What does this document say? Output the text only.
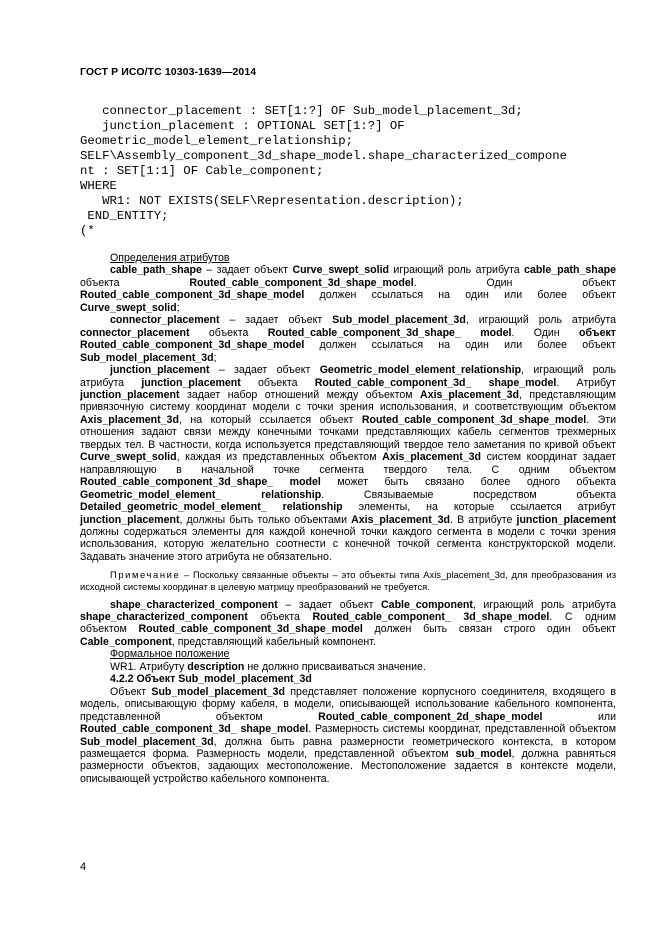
ГОСТ Р ИСО/ТС 10303-1639—2014

connector_placement : SET[1:?] OF Sub_model_placement_3d;
junction_placement : OPTIONAL SET[1:?] OF
Geometric_model_element_relationship;
SELF\Assembly_component_3d_shape_model.shape_characterized_compone
nt : SET[1:1] OF Cable_component;
WHERE
WR1: NOT EXISTS(SELF\Representation.description);
END_ENTITY;
(*

Определения атрибутов

cable_path_shape – задает объект Curve_swept_solid играющий роль атрибута cable_path_shape объекта Routed_cable_component_3d_shape_model. Один объект Routed_cable_component_3d_shape_model должен ссылаться на один или более объект Curve_swept_solid;

connector_placement – задает объект Sub_model_placement_3d, играющий роль атрибута connector_placement объекта Routed_cable_component_3d_shape_ model. Один объект Routed_cable_component_3d_shape_model должен ссылаться на один или более объект Sub_model_placement_3d;

junction_placement – задает объект Geometric_model_element_relationship, играющий роль атрибута junction_placement объекта Routed_cable_component_3d_ shape_model. Атрибут junction_placement задает набор отношений между объектом Axis_placement_3d, представляющим привязочную систему координат модели с точки зрения использования, и соответствующим объектом Axis_placement_3d, на который ссылается объект Routed_cable_component_3d_shape_model. Эти отношения задают связи между конечными точками представляющих кабель сегментов трехмерных твердых тел. В частности, когда используется представляющий твердое тело заметания по кривой объект Curve_swept_solid, каждая из представленных объектом Axis_placement_3d систем координат задает направляющую в начальной точке сегмента твердого тела. С одним объектом Routed_cable_component_3d_shape_ model может быть связано более одного объекта Geometric_model_element_	relationship. Связываемые посредством объекта Detailed_geometric_model_element_ relationship элементы, на которые ссылается атрибут junction_placement, должны быть только объектами Axis_placement_3d. В атрибуте junction_placement должны содержаться элементы для каждой конечной точки каждого сегмента в модели с точки зрения использования, которую желательно соотнести с конечной точкой сегмента конструкторской модели. Задавать значение этого атрибута не обязательно.

Примечание – Поскольку связанные объекты – это объекты типа Axis_placement_3d, для преобразования из исходной системы координат в целевую матрицу преобразований не требуется.

shape_characterized_component – задает объект Cable_component, играющий роль атрибута shape_characterized_component объекта Routed_cable_component_ 3d_shape_model. С одним объектом Routed_cable_component_3d_shape_model должен быть связан строго один объект Cable_component, представляющий кабельный компонент.

Формальное положение

WR1. Атрибуту description не должно присваиваться значение.

4.2.2 Объект Sub_model_placement_3d

Объект Sub_model_placement_3d представляет положение корпусного соединителя, входящего в модель, описывающую форму кабеля, в модели, описывающей использование кабельного компонента, представленной объектом Routed_cable_component_2d_shape_model или Routed_cable_component_3d_ shape_model. Размерность системы координат, представленной объектом Sub_model_placement_3d, должна быть равна размерности геометрического контекста, в котором размещается форма. Размерность модели, представленной объектом sub_model, должна равняться размерности объектов, задающих местоположение. Местоположение задается в контексте модели, описывающей устройство кабельного компонента.

4
